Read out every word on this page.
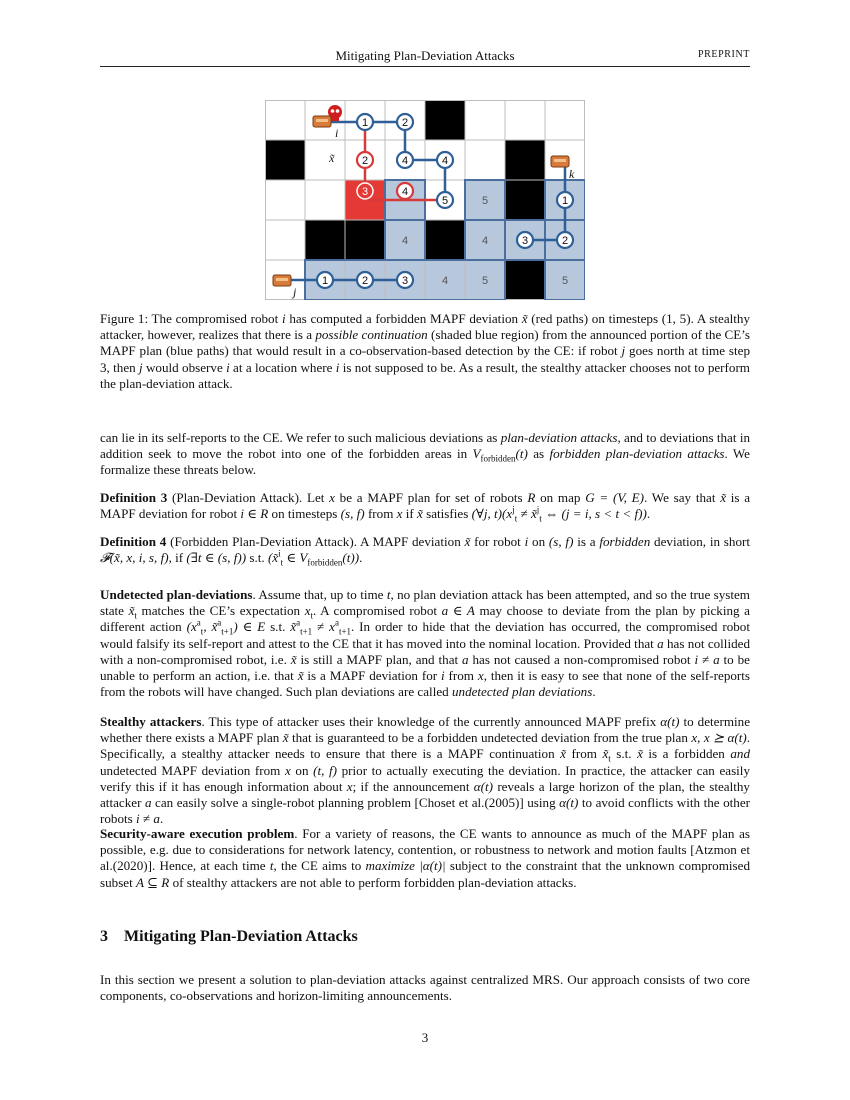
Mitigating Plan-Deviation Attacks	PREPRINT
5
4	4
4	5	5
1	2
4	4
5	1
2
3
1	2	3
2
3	4
i
x̃
k
j
Figure 1: The compromised robot i has computed a forbidden MAPF deviation x̃ (red paths) on timesteps (1, 5). A stealthy attacker, however, realizes that there is a possible continuation (shaded blue region) from the announced portion of the CE’s MAPF plan (blue paths) that would result in a co-observation-based detection by the CE: if robot j goes north at time step 3, then j would observe i at a location where i is not supposed to be. As a result, the stealthy attacker chooses not to perform the plan-deviation attack.

can lie in its self-reports to the CE. We refer to such malicious deviations as plan-deviation attacks, and to deviations that in addition seek to move the robot into one of the forbidden areas in $V_{forbidden}(t)$ as forbidden plan-deviation attacks. We formalize these threats below.

Definition 3 (Plan-Deviation Attack). Let x be a MAPF plan for set of robots R on map G = (V, E). We say that x̃ is a MAPF deviation for robot i ∈ R on timesteps (s, f) from x if x̃ satisfies (∀j, $t)(x^j_t$ ≠ x̃$^j_t$ ⇔ (j = i, s < t < f)).

Definition 4 (Forbidden Plan-Deviation Attack). A MAPF deviation x̃ for robot i on (s, f) is a forbidden deviation, in short 𝓕(x̃, x, i, s, f), if (∃t ∈ (s, f)) s.t. (x̃$^i_t$ ∈ $V_{forbidden}(t)$).

Undetected plan-deviations. Assume that, up to time t, no plan deviation attack has been attempted, and so the true system state $x̃_t$ matches the CE’s expectation $x_t$. A compromised robot a ∈ A may choose to deviate from the plan by picking a different action ($x^a_t$, x̃$^a_{t+1}$) ∈ E s.t. x̃$^a_{t+1}$ ≠ $x^a_{t+1}$. In order to hide that the deviation has occurred, the compromised robot would falsify its self-report and attest to the CE that it has moved into the nominal location. Provided that a has not collided with a non-compromised robot, i.e. x̃ is still a MAPF plan, and that a has not caused a non-compromised robot i ≠ a to be unable to perform an action, i.e. that x̃ is a MAPF deviation for i from x, then it is easy to see that none of the self-reports from the robots will have changed. Such plan deviations are called undetected plan deviations.

Stealthy attackers. This type of attacker uses their knowledge of the currently announced MAPF prefix α(t) to determine whether there exists a MAPF plan x̃ that is guaranteed to be a forbidden undetected deviation from the true plan x, x ⪰ α(t). Specifically, a stealthy attacker needs to ensure that there is a MAPF continuation x̃ from $x̃_t$ s.t. x̃ is a forbidden and undetected MAPF deviation from x on (t, f) prior to actually executing the deviation. In practice, the attacker can easily verify this if it has enough information about x; if the announcement α(t) reveals a large horizon of the plan, the stealthy attacker a can easily solve a single-robot planning problem [Choset et al.(2005)] using α(t) to avoid conflicts with the other robots i ≠ a.

Security-aware execution problem. For a variety of reasons, the CE wants to announce as much of the MAPF plan as possible, e.g. due to considerations for network latency, contention, or robustness to network and motion faults [Atzmon et al.(2020)]. Hence, at each time t, the CE aims to maximize |α(t)| subject to the constraint that the unknown compromised subset A ⊆ R of stealthy attackers are not able to perform forbidden plan-deviation attacks.

3 Mitigating Plan-Deviation Attacks

In this section we present a solution to plan-deviation attacks against centralized MRS. Our approach consists of two core components, co-observations and horizon-limiting announcements.

3
